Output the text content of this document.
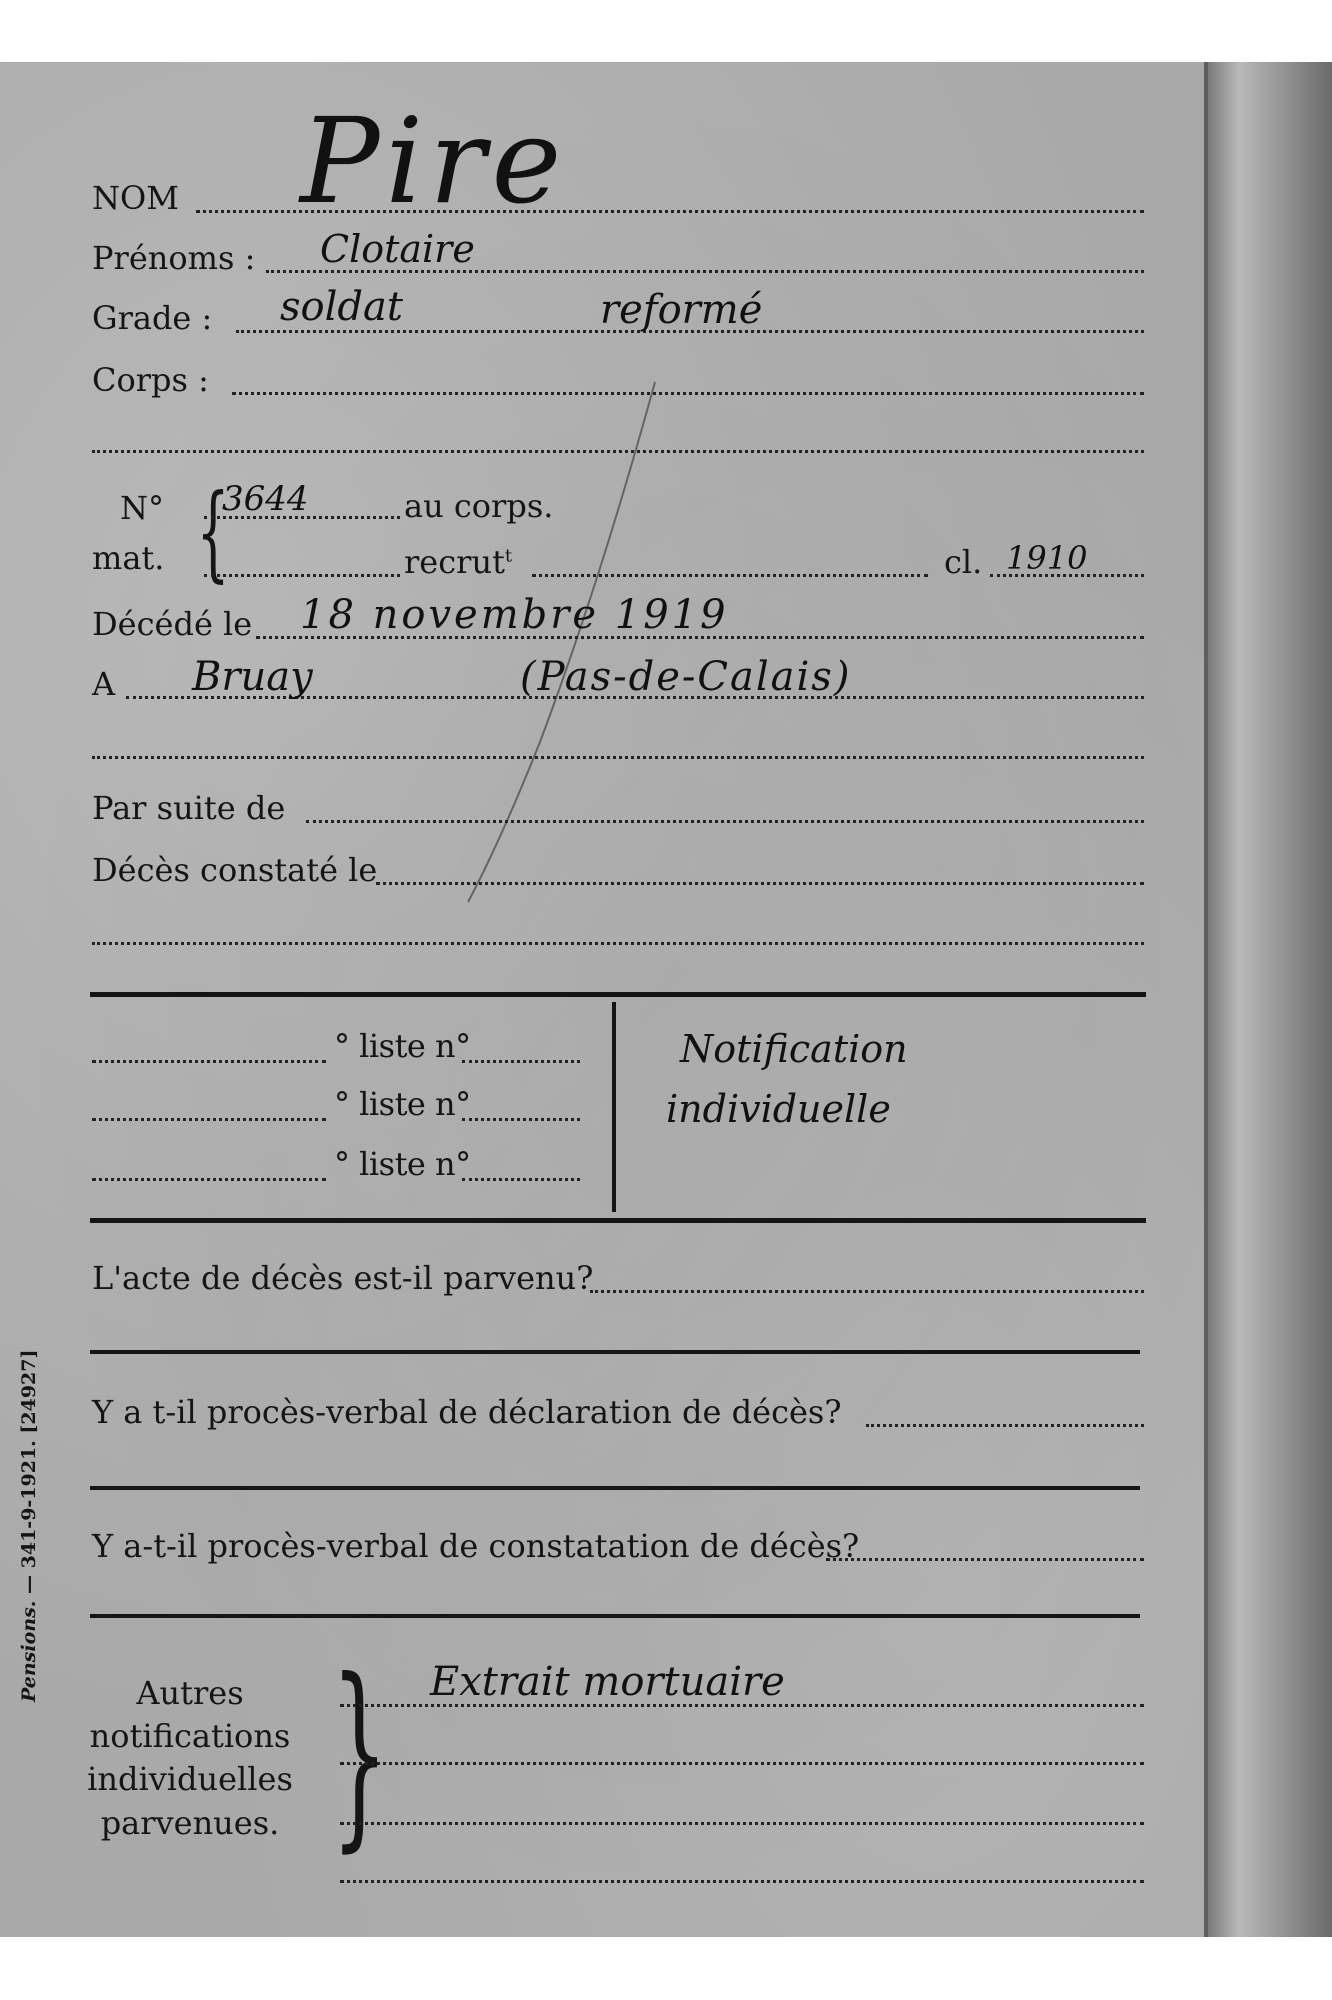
NOM Pire
Prénoms : Clotaire
Grade : soldat	reformé
Corps :
N°
mat. {
3644	au corps.
recrut$^t$	cl. 1910
Décédé le 18 novembre 1919
A Bruay	(Pas-de-Calais)
Par suite de
Décès constaté le
° liste n°
° liste n°
° liste n°
Notification
individuelle
L'acte de décès est-il parvenu?
Y a t-il procès-verbal de déclaration de décès?
Y a-t-il procès-verbal de constatation de décès?
Autres
notifications
individuelles
parvenues. } Extrait mortuaire
Pensions. — 341-9-1921. [24927]
